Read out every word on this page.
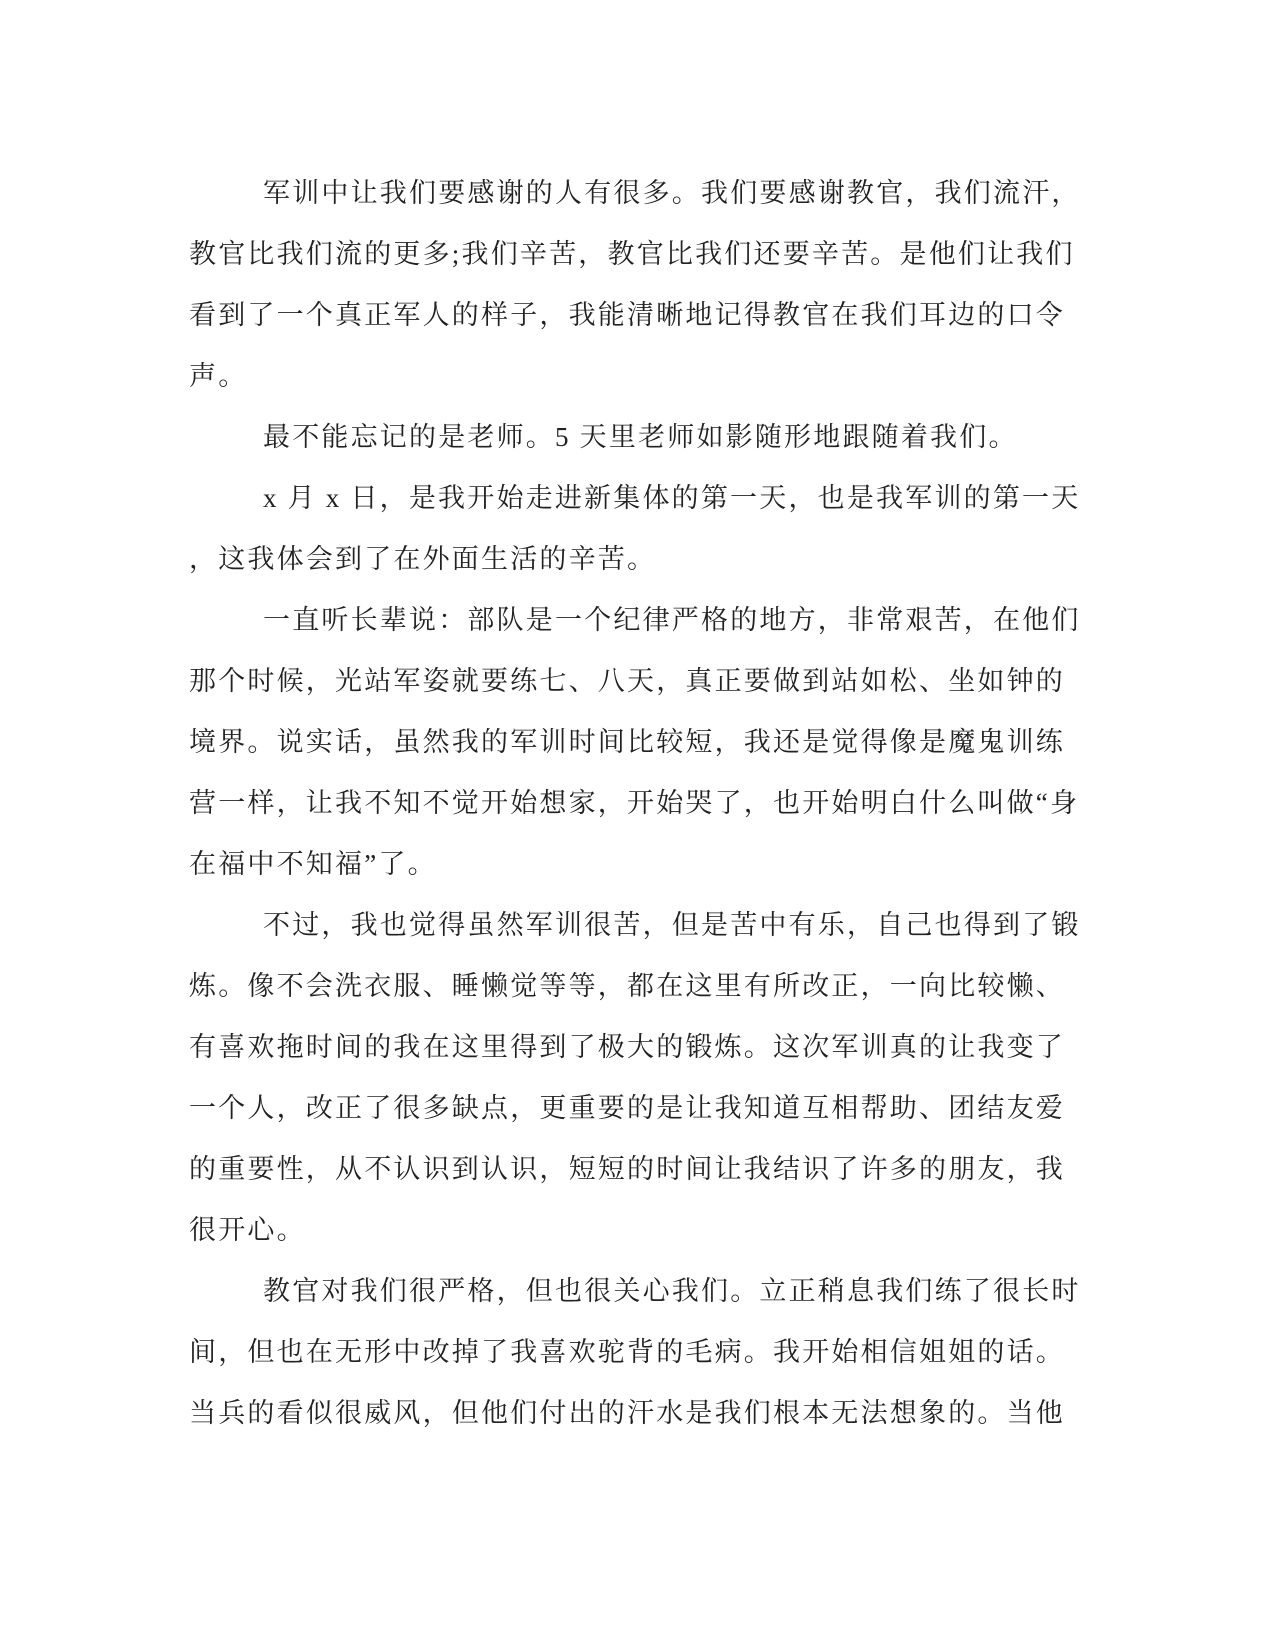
军训中让我们要感谢的人有很多。我们要感谢教官，我们流汗，
教官比我们流的更多;我们辛苦，教官比我们还要辛苦。是他们让我们
看到了一个真正军人的样子，我能清晰地记得教官在我们耳边的口令
声。
最不能忘记的是老师。5 天里老师如影随形地跟随着我们。
x 月 x 日，是我开始走进新集体的第一天，也是我军训的第一天
，这我体会到了在外面生活的辛苦。
一直听长辈说：部队是一个纪律严格的地方，非常艰苦，在他们
那个时候，光站军姿就要练七、八天，真正要做到站如松、坐如钟的
境界。说实话，虽然我的军训时间比较短，我还是觉得像是魔鬼训练
营一样，让我不知不觉开始想家，开始哭了，也开始明白什么叫做“身
在福中不知福”了。
不过，我也觉得虽然军训很苦，但是苦中有乐，自己也得到了锻
炼。像不会洗衣服、睡懒觉等等，都在这里有所改正，一向比较懒、
有喜欢拖时间的我在这里得到了极大的锻炼。这次军训真的让我变了
一个人，改正了很多缺点，更重要的是让我知道互相帮助、团结友爱
的重要性，从不认识到认识，短短的时间让我结识了许多的朋友，我
很开心。
教官对我们很严格，但也很关心我们。立正稍息我们练了很长时
间，但也在无形中改掉了我喜欢驼背的毛病。我开始相信姐姐的话。
当兵的看似很威风，但他们付出的汗水是我们根本无法想象的。当他
